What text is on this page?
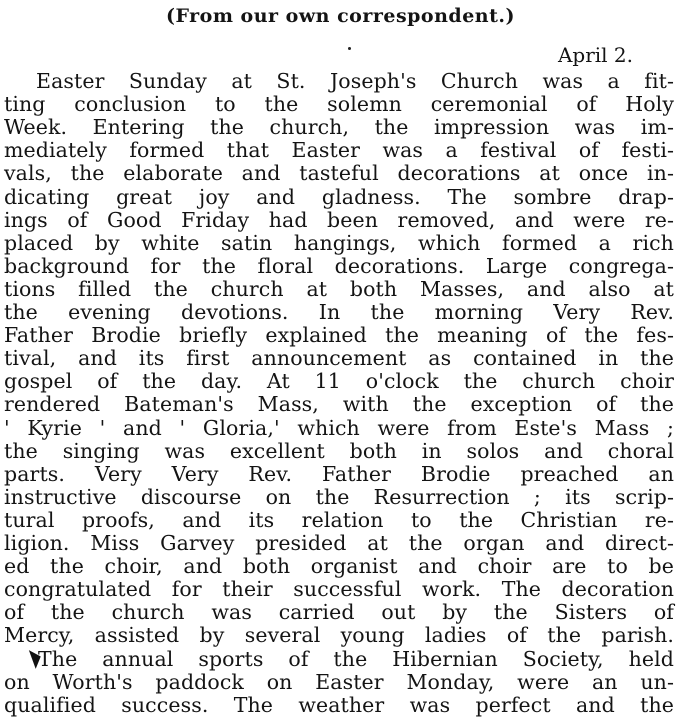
(From our own correspondent.)
April 2.
Easter Sunday at St. Joseph's Church was a fit-
ting conclusion to the solemn ceremonial of Holy
Week. Entering the church, the impression was im-
mediately formed that Easter was a festival of festi-
vals, the elaborate and tasteful decorations at once in-
dicating great joy and gladness. The sombre drap-
ings of Good Friday had been removed, and were re-
placed by white satin hangings, which formed a rich
background for the floral decorations. Large congrega-
tions filled the church at both Masses, and also at
the evening devotions. In the morning Very Rev.
Father Brodie briefly explained the meaning of the fes-
tival, and its first announcement as contained in the
gospel of the day. At 11 o'clock the church choir
rendered Bateman's Mass, with the exception of the
' Kyrie ' and ' Gloria,' which were from Este's Mass ;
the singing was excellent both in solos and choral
parts. Very Very Rev. Father Brodie preached an
instructive discourse on the Resurrection ; its scrip-
tural proofs, and its relation to the Christian re-
ligion. Miss Garvey presided at the organ and direct-
ed the choir, and both organist and choir are to be
congratulated for their successful work. The decoration
of the church was carried out by the Sisters of
Mercy, assisted by several young ladies of the parish.
The annual sports of the Hibernian Society, held
on Worth's paddock on Easter Monday, were an un-
qualified success. The weather was perfect and the
